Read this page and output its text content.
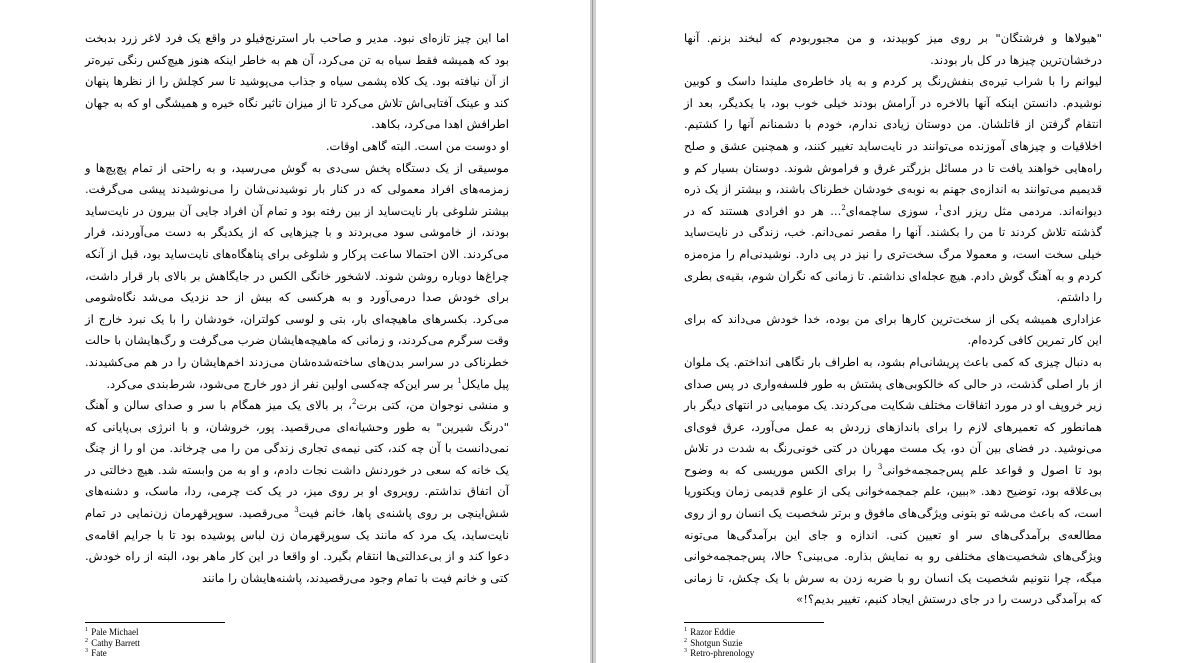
اما این چیز تازه‌ای نبود. مدیر و صاحب بار استرنج‌فیلو در واقع یک فرد لاغر زرد بدبخت بود که همیشه فقط سیاه به تن می‌کرد، آن هم به خاطر اینکه هنوز هیچ‌کس رنگی تیره‌تر از آن نیافته بود. یک کلاه پشمی سیاه و جذاب می‌پوشید تا سر کچلش را از نظرها پنهان کند و عینک آفتابی‌اش تلاش می‌کرد تا از میزان تاثیر نگاه خیره و همیشگی او که به جهان اطرافش اهدا می‌کرد، بکاهد.

او دوست من است. البته گاهی اوقات.

موسیقی از یک دستگاه پخش سی‌دی به گوش می‌رسید، و به راحتی از تمام پچ‌پچ‌ها و زمزمه‌های افراد معمولی که در کنار بار نوشیدنی‌شان را می‌نوشیدند پیشی می‌گرفت. بیشتر شلوغی بار نایت‌ساید از بین رفته بود و تمام آن افراد جایی آن بیرون در نایت‌ساید بودند، از خاموشی سود می‌بردند و با چیزهایی که از یکدیگر به دست می‌آوردند، فرار می‌کردند. الان احتمالا ساعت پرکار و شلوغی برای پناهگاه‌های نایت‌ساید بود، قبل از آنکه چراغ‌ها دوباره روشن شوند. لاشخور خانگی الکس در جایگاهش بر بالای بار قرار داشت، برای خودش صدا درمی‌آورد و به هرکسی که بیش از حد نزدیک می‌شد نگاه‌شومی می‌کرد. بکسرهای ماهیچه‌ای بار، بتی و لوسی کولتران، خودشان را با یک نبرد خارج از وقت سرگرم می‌کردند، و زمانی که ماهیچه‌هایشان ضرب می‌گرفت و رگ‌هایشان با حالت خطرناکی در سراسر بدن‌های ساخته‌شده‌شان می‌زدند اخم‌هایشان را در هم می‌کشیدند. پیل مایکل$^1$ بر سر این‌که چه‌کسی اولین نفر از دور خارج می‌شود، شرط‌بندی می‌کرد.

و منشی نوجوان من، کتی برت$^2$، بر بالای یک میز همگام با سر و صدای سالن و آهنگ "درنگ شیرین" به طور وحشیانه‌ای می‌رقصید. پور، خروشان، و با انرژی بی‌پایانی که نمی‌دانست با آن چه کند، کتی نیمه‌ی تجاری زندگی من را می چرخاند. من او را از چنگ یک خانه که سعی در خوردنش داشت نجات دادم، و او به من وابسته شد. هیچ دخالتی در آن اتفاق نداشتم. رویروی او بر روی میز، در یک کت چرمی، ردا، ماسک، و دشنه‌های شش‌اینچی بر روی پاشنه‌ی پاها، خانم فیت$^3$ می‌رقصید. سوپرقهرمان زن‌نمایی در تمام نایت‌ساید، یک مرد که مانند یک سوپرقهرمان زن لباس پوشیده بود تا با جرایم اقامه‌ی دعوا کند و از بی‌عدالتی‌ها انتقام بگیرد. او واقعا در این کار ماهر بود، البته از راه خودش. کتی و خانم فیت با تمام وجود می‌رقصیدند، پاشنه‌هایشان را مانند

$^1$ Pale Michael
$^2$ Cathy Barrett
$^3$ Fate

"هیولاها و فرشتگان" بر روی میز کوبیدند، و من مجبوربودم که لبخند بزنم. آنها درخشان‌ترین چیزها در کل بار بودند.

لیوانم را با شراب تیره‌ی بنفش‌رنگ پر کردم و به یاد خاطره‌ی ملیندا داسک و کوبین نوشیدم. دانستن اینکه آنها بالاخره در آرامش بودند خیلی خوب بود، با یکدیگر، بعد از انتقام گرفتن از قاتلشان. من دوستان زیادی ندارم، خودم با دشمنانم آنها را کشتیم. اخلاقیات و چیزهای آموزنده می‌توانند در نایت‌ساید تغییر کنند، و همچنین عشق و صلح راه‌هایی خواهند یافت تا در مسائل بزرگتر غرق و فراموش شوند. دوستان بسیار کم و قدیمیم می‌توانند به اندازه‌ی جهنم به نوبه‌ی خودشان خطرناک باشند، و بیشتر از یک ذره دیوانه‌اند. مردمی مثل ریزر ادی$^1$، سوزی ساچمه‌ای$^2$... هر دو افرادی هستند که در گذشته تلاش کردند تا من را بکشند. آنها را مقصر نمی‌دانم. خب، زندگی در نایت‌ساید خیلی سخت است، و معمولا مرگ سخت‌تری را نیز در پی دارد. نوشیدنی‌ام را مزه‌مزه کردم و به آهنگ گوش دادم. هیچ عجله‌ای نداشتم. تا زمانی که نگران شوم، بقیه‌ی بطری را داشتم.

عزاداری همیشه یکی از سخت‌ترین کارها برای من بوده، خدا خودش می‌داند که برای این کار تمرین کافی کرده‌ام.

به دنبال چیزی که کمی باعث پریشانی‌ام بشود، به اطراف بار نگاهی انداختم. یک ملوان از بار اصلی گذشت، در حالی که خالکوبی‌های پشتش به طور فلسفه‌واری در پس صدای زیر خروپف او در مورد اتفاقات مختلف شکایت می‌کردند. یک مومیایی در انتهای دیگر بار همانطور که تعمیرهای لازم را برای باندازهای زردش به عمل می‌آورد، عرق فوی‌ای می‌نوشید. در فضای بین آن دو، یک مست مهربان در کتی خونی‌رنگ به شدت در تلاش بود تا اصول و قواعد علم پس‌جمجمه‌خوانی$^3$ را برای الکس موریسی که به وضوح بی‌علاقه بود، توضیح دهد. «ببین، علم جمجمه‌خوانی یکی از علوم قدیمی زمان ویکتوریا است، که باعث می‌شه تو بتونی ویژگی‌های مافوق و برتر شخصیت یک انسان رو از روی مطالعه‌ی برآمدگی‌های سر او تعیین کنی. اندازه و جای این برآمدگی‌ها می‌تونه ویژگی‌های شخصیت‌های مختلفی رو به نمایش بذاره. می‌بینی؟ حالا، پس‌جمجمه‌خوانی میگه، چرا نتونیم شخصیت یک انسان رو با ضربه زدن به سرش با یک چکش، تا زمانی که برآمدگی درست را در جای درستش ایجاد کنیم، تغییر بدیم؟!»

$^1$ Razor Eddie
$^2$ Shotgun Suzie
$^3$ Retro-phrenology
